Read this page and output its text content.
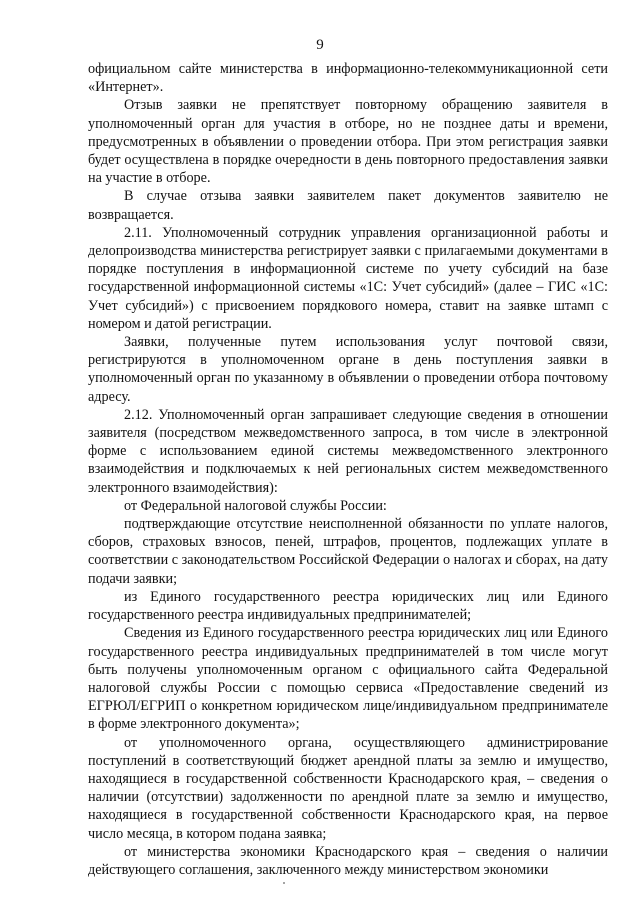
9

официальном сайте министерства в информационно-телекоммуникационной сети «Интернет».

Отзыв заявки не препятствует повторному обращению заявителя в уполномоченный орган для участия в отборе, но не позднее даты и времени, предусмотренных в объявлении о проведении отбора. При этом регистрация заявки будет осуществлена в порядке очередности в день повторного предоставления заявки на участие в отборе.

В случае отзыва заявки заявителем пакет документов заявителю не возвращается.

2.11. Уполномоченный сотрудник управления организационной работы и делопроизводства министерства регистрирует заявки с прилагаемыми документами в порядке поступления в информационной системе по учету субсидий на базе государственной информационной системы «1С: Учет субсидий» (далее – ГИС «1С: Учет субсидий») с присвоением порядкового номера, ставит на заявке штамп с номером и датой регистрации.

Заявки, полученные путем использования услуг почтовой связи, регистрируются в уполномоченном органе в день поступления заявки в уполномоченный орган по указанному в объявлении о проведении отбора почтовому адресу.

2.12. Уполномоченный орган запрашивает следующие сведения в отношении заявителя (посредством межведомственного запроса, в том числе в электронной форме с использованием единой системы межведомственного электронного взаимодействия и подключаемых к ней региональных систем межведомственного электронного взаимодействия):

от Федеральной налоговой службы России:

подтверждающие отсутствие неисполненной обязанности по уплате налогов, сборов, страховых взносов, пеней, штрафов, процентов, подлежащих уплате в соответствии с законодательством Российской Федерации о налогах и сборах, на дату подачи заявки;

из Единого государственного реестра юридических лиц или Единого государственного реестра индивидуальных предпринимателей;

Сведения из Единого государственного реестра юридических лиц или Единого государственного реестра индивидуальных предпринимателей в том числе могут быть получены уполномоченным органом с официального сайта Федеральной налоговой службы России с помощью сервиса «Предоставление сведений из ЕГРЮЛ/ЕГРИП о конкретном юридическом лице/индивидуальном предпринимателе в форме электронного документа»;

от уполномоченного органа, осуществляющего администрирование поступлений в соответствующий бюджет арендной платы за землю и имущество, находящиеся в государственной собственности Краснодарского края, – сведения о наличии (отсутствии) задолженности по арендной плате за землю и имущество, находящиеся в государственной собственности Краснодарского края, на первое число месяца, в котором подана заявка;

от министерства экономики Краснодарского края – сведения о наличии действующего соглашения, заключенного между министерством экономики
